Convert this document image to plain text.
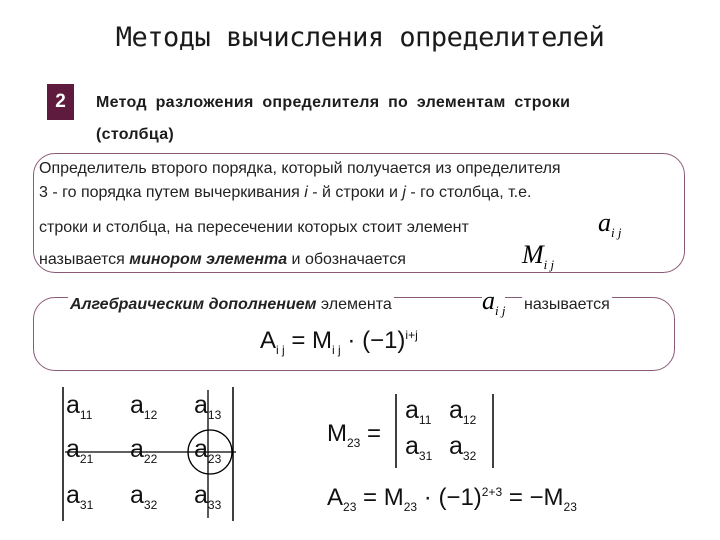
Методы вычисления определителей
2	Метод разложения определителя по элементам строки
(столбца)
Определитель второго порядка, который получается из определителя
3 - го порядка путем вычеркивания i - й строки и j - го столбца, т.е.
строки и столбца, на пересечении которых стоит элемент	$a_{i j}$
называется минором элемента и обозначается	$M_{i j}$
Алгебраическим дополнением элемента	$a_{i j}$ называется
$A_{i j} = M_{i j} \cdot (-1)^{i+j}$
$a_{11}$ $a_{12}$ $a_{13}$
$a_{21}$ $a_{22}$ $a_{23}$
$a_{31}$ $a_{32}$ $a_{33}$
$M_{23}$ =
$a_{11}$ $a_{12}$
$a_{31}$ $a_{32}$
$A_{23} = M_{23} \cdot (-1)^{2+3} = -M_{23}$
